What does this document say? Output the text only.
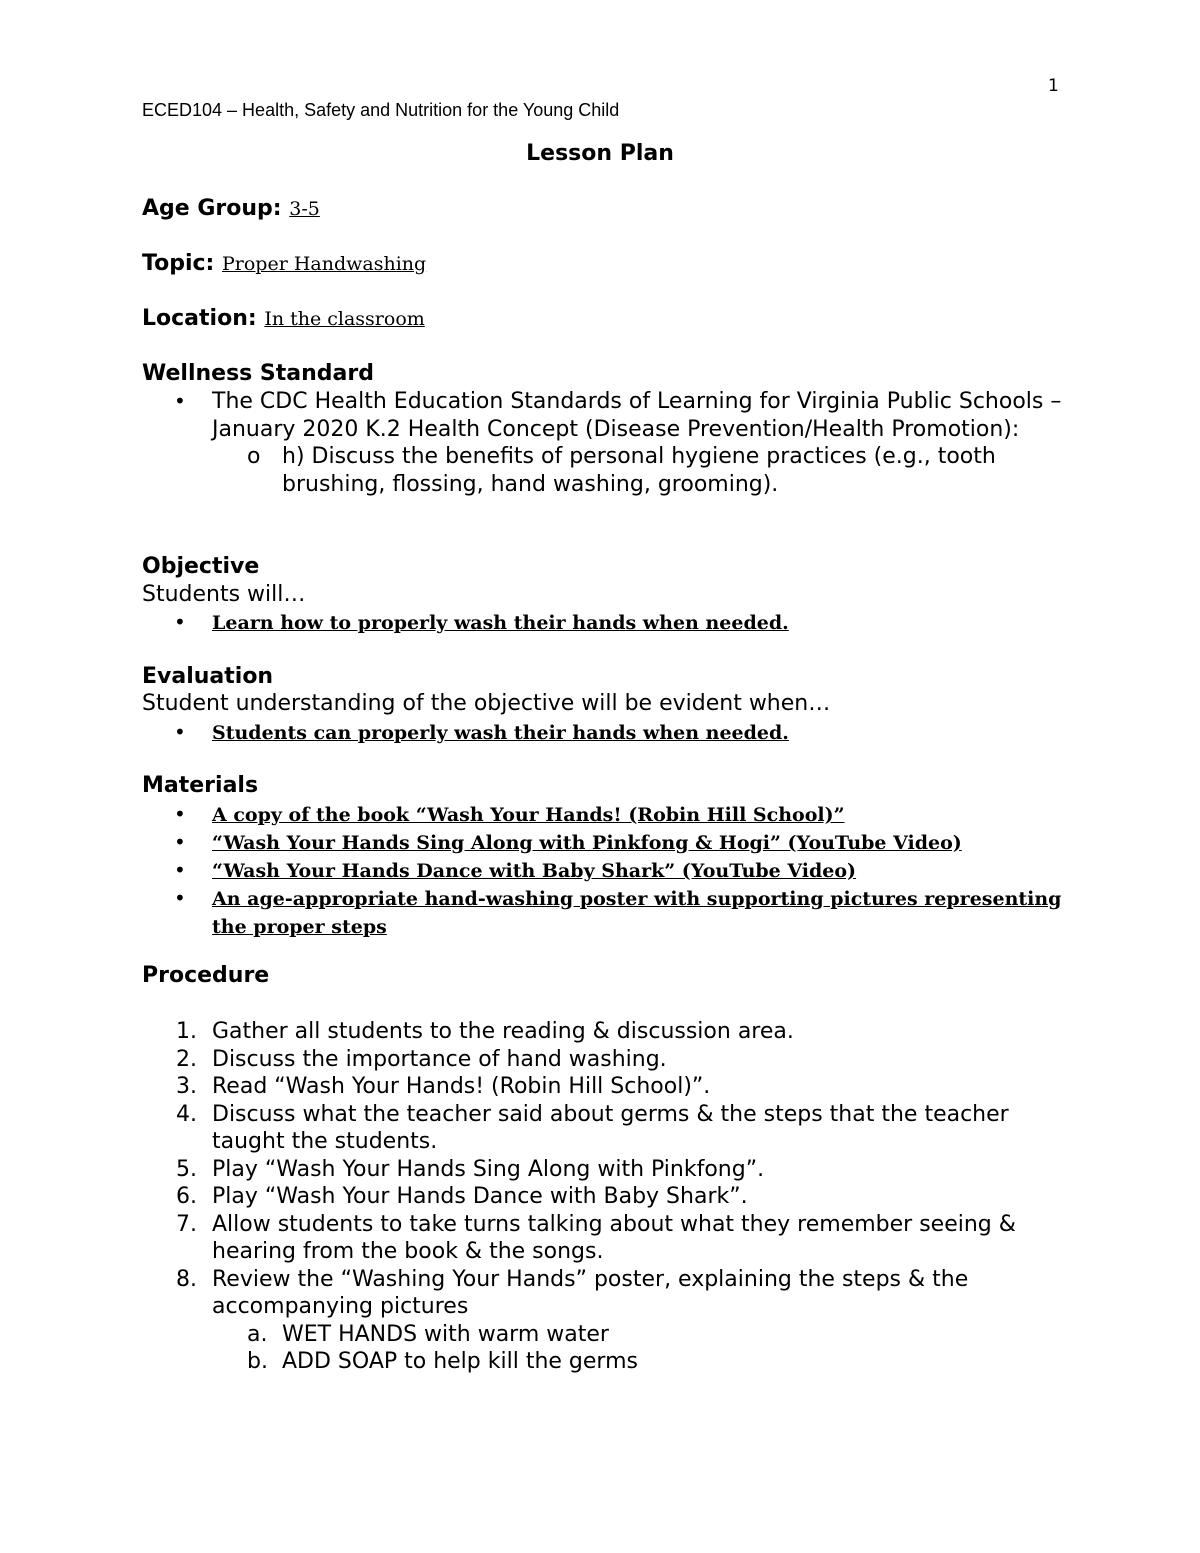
1
ECED104 – Health, Safety and Nutrition for the Young Child
Lesson Plan
Age Group: 3-5
Topic: Proper Handwashing
Location: In the classroom
Wellness Standard
• The CDC Health Education Standards of Learning for Virginia Public Schools – January 2020 K.2 Health Concept (Disease Prevention/Health Promotion):
o h) Discuss the benefits of personal hygiene practices (e.g., tooth brushing, flossing, hand washing, grooming).
Objective
Students will…
• Learn how to properly wash their hands when needed.
Evaluation
Student understanding of the objective will be evident when…
• Students can properly wash their hands when needed.
Materials
• A copy of the book “Wash Your Hands! (Robin Hill School)”
• “Wash Your Hands Sing Along with Pinkfong & Hogi” (YouTube Video)
• “Wash Your Hands Dance with Baby Shark” (YouTube Video)
• An age-appropriate hand-washing poster with supporting pictures representing the proper steps
Procedure
1. Gather all students to the reading & discussion area.
2. Discuss the importance of hand washing.
3. Read “Wash Your Hands! (Robin Hill School)”.
4. Discuss what the teacher said about germs & the steps that the teacher taught the students.
5. Play “Wash Your Hands Sing Along with Pinkfong”.
6. Play “Wash Your Hands Dance with Baby Shark”.
7. Allow students to take turns talking about what they remember seeing & hearing from the book & the songs.
8. Review the “Washing Your Hands” poster, explaining the steps & the accompanying pictures
a. WET HANDS with warm water
b. ADD SOAP to help kill the germs
